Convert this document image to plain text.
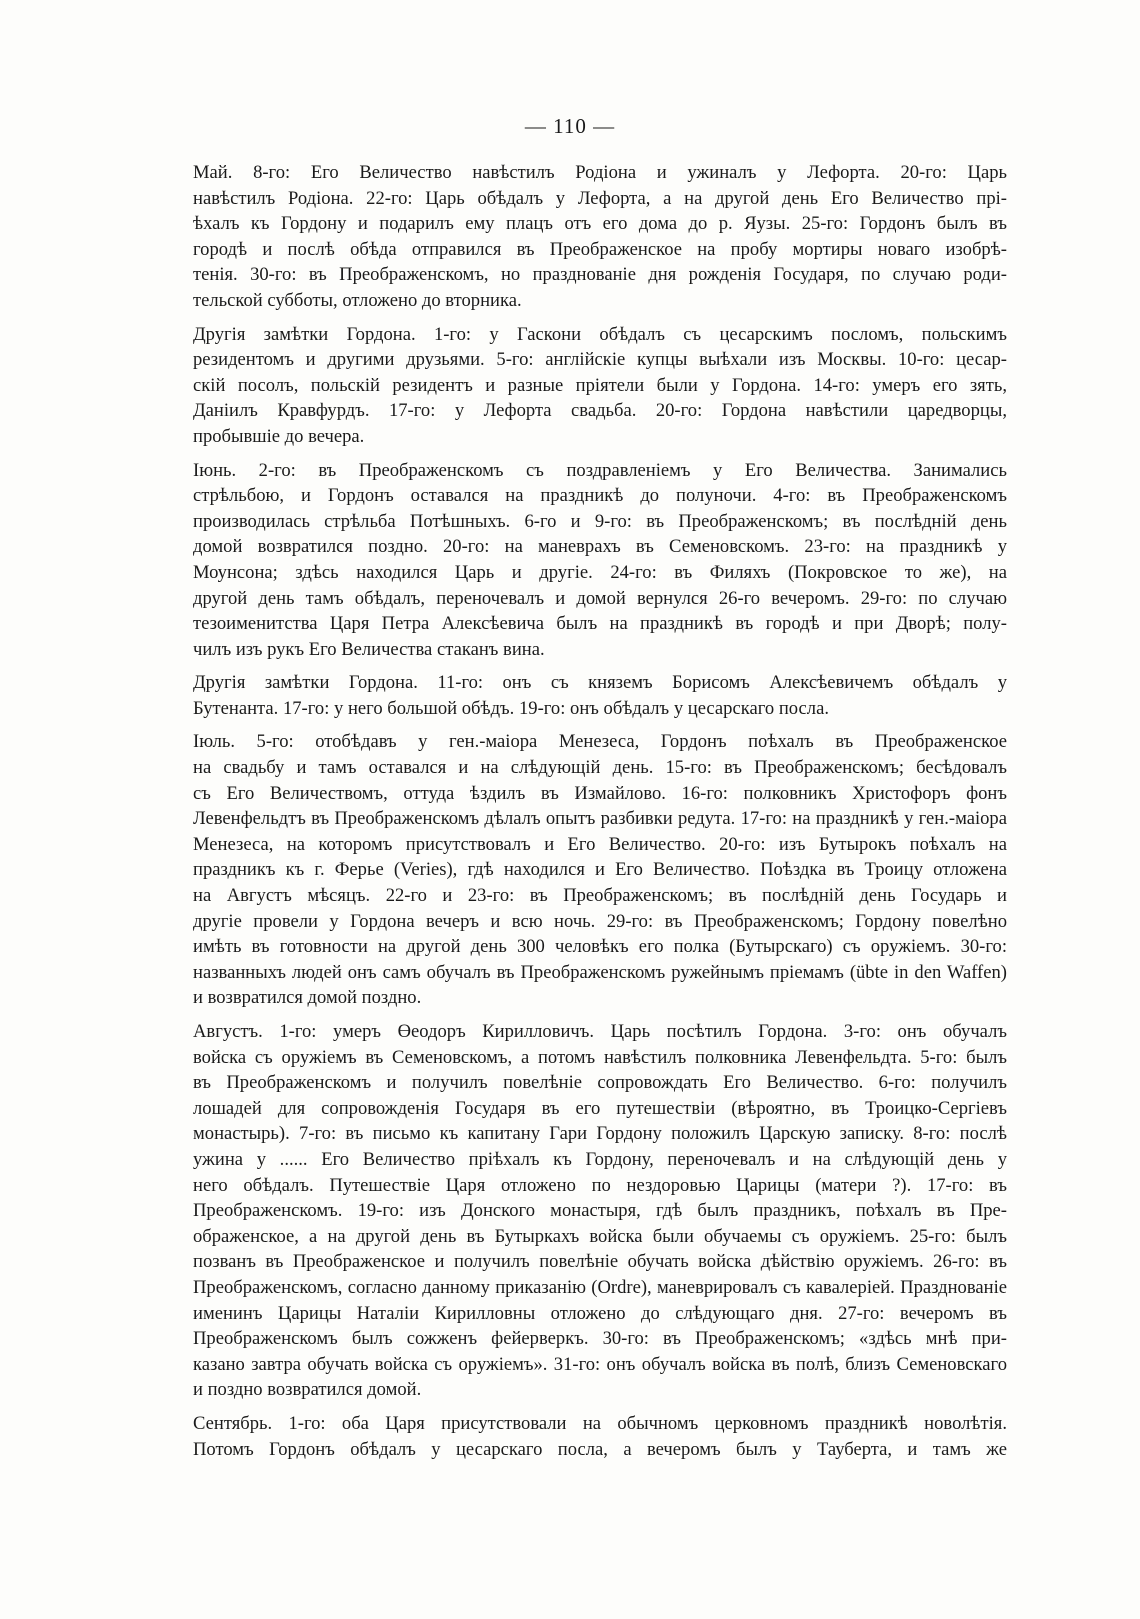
— 110 —
Май. 8-го: Его Величество навѣстилъ Родіона и ужиналъ у Лефорта. 20-го: Царь
навѣстилъ Родіона. 22-го: Царь обѣдалъ у Лефорта, а на другой день Его Величество прі-
ѣхалъ къ Гордону и подарилъ ему плацъ отъ его дома до р. Яузы. 25-го: Гордонъ былъ въ
городѣ и послѣ обѣда отправился въ Преображенское на пробу мортиры новаго изобрѣ-
тенія. 30-го: въ Преображенскомъ, но празднованіе дня рожденія Государя, по случаю роди-
тельской субботы, отложено до вторника.
Другія замѣтки Гордона. 1-го: у Гаскони обѣдалъ съ цесарскимъ посломъ, польскимъ
резидентомъ и другими друзьями. 5-го: англійскіе купцы выѣхали изъ Москвы. 10-го: цесар-
скій посолъ, польскій резидентъ и разные пріятели были у Гордона. 14-го: умеръ его зять,
Даніилъ Кравфурдъ. 17-го: у Лефорта свадьба. 20-го: Гордона навѣстили царедворцы,
пробывшіе до вечера.
Іюнь. 2-го: въ Преображенскомъ съ поздравленіемъ у Его Величества. Занимались
стрѣльбою, и Гордонъ оставался на праздникѣ до полуночи. 4-го: въ Преображенскомъ
производилась стрѣльба Потѣшныхъ. 6-го и 9-го: въ Преображенскомъ; въ послѣдній день
домой возвратился поздно. 20-го: на маневрахъ въ Семеновскомъ. 23-го: на праздникѣ у
Моунсона; здѣсь находился Царь и другіе. 24-го: въ Филяхъ (Покровское то же), на
другой день тамъ обѣдалъ, переночевалъ и домой вернулся 26-го вечеромъ. 29-го: по случаю
тезоименитства Царя Петра Алексѣевича былъ на праздникѣ въ городѣ и при Дворѣ; полу-
чилъ изъ рукъ Его Величества стаканъ вина.
Другія замѣтки Гордона. 11-го: онъ съ княземъ Борисомъ Алексѣевичемъ обѣдалъ у
Бутенанта. 17-го: у него большой обѣдъ. 19-го: онъ обѣдалъ у цесарскаго посла.
Іюль. 5-го: отобѣдавъ у ген.-маіора Менезеса, Гордонъ поѣхалъ въ Преображенское
на свадьбу и тамъ оставался и на слѣдующій день. 15-го: въ Преображенскомъ; бесѣдовалъ
съ Его Величествомъ, оттуда ѣздилъ въ Измайлово. 16-го: полковникъ Христофоръ фонъ
Левенфельдтъ въ Преображенскомъ дѣлалъ опытъ разбивки редута. 17-го: на праздникѣ у ген.-маіора
Менезеса, на которомъ присутствовалъ и Его Величество. 20-го: изъ Бутырокъ поѣхалъ на
праздникъ къ г. Ферье (Veries), гдѣ находился и Его Величество. Поѣздка въ Троицу отложена
на Августъ мѣсяцъ. 22-го и 23-го: въ Преображенскомъ; въ послѣдній день Государь и
другіе провели у Гордона вечеръ и всю ночь. 29-го: въ Преображенскомъ; Гордону повелѣно
имѣть въ готовности на другой день 300 человѣкъ его полка (Бутырскаго) съ оружіемъ. 30-го:
названныхъ людей онъ самъ обучалъ въ Преображенскомъ ружейнымъ пріемамъ (übte in den Waffen)
и возвратился домой поздно.
Августъ. 1-го: умеръ Өеодоръ Кирилловичъ. Царь посѣтилъ Гордона. 3-го: онъ обучалъ
войска съ оружіемъ въ Семеновскомъ, а потомъ навѣстилъ полковника Левенфельдта. 5-го: былъ
въ Преображенскомъ и получилъ повелѣніе сопровождать Его Величество. 6-го: получилъ
лошадей для сопровожденія Государя въ его путешествіи (вѣроятно, въ Троицко-Сергіевъ
монастырь). 7-го: въ письмо къ капитану Гари Гордону положилъ Царскую записку. 8-го: послѣ
ужина у ...... Его Величество пріѣхалъ къ Гордону, переночевалъ и на слѣдующій день у
него обѣдалъ. Путешествіе Царя отложено по нездоровью Царицы (матери ?). 17-го: въ
Преображенскомъ. 19-го: изъ Донского монастыря, гдѣ былъ праздникъ, поѣхалъ въ Пре-
ображенское, а на другой день въ Бутыркахъ войска были обучаемы съ оружіемъ. 25-го: былъ
позванъ въ Преображенское и получилъ повелѣніе обучать войска дѣйствію оружіемъ. 26-го: въ
Преображенскомъ, согласно данному приказанію (Ordre), маневрировалъ съ кавалеріей. Празднованіе
именинъ Царицы Наталіи Кирилловны отложено до слѣдующаго дня. 27-го: вечеромъ въ
Преображенскомъ былъ сожженъ фейерверкъ. 30-го: въ Преображенскомъ; «здѣсь мнѣ при-
казано завтра обучать войска съ оружіемъ». 31-го: онъ обучалъ войска въ полѣ, близъ Семеновскаго
и поздно возвратился домой.
Сентябрь. 1-го: оба Царя присутствовали на обычномъ церковномъ праздникѣ новолѣтія.
Потомъ Гордонъ обѣдалъ у цесарскаго посла, а вечеромъ былъ у Тауберта, и тамъ же
